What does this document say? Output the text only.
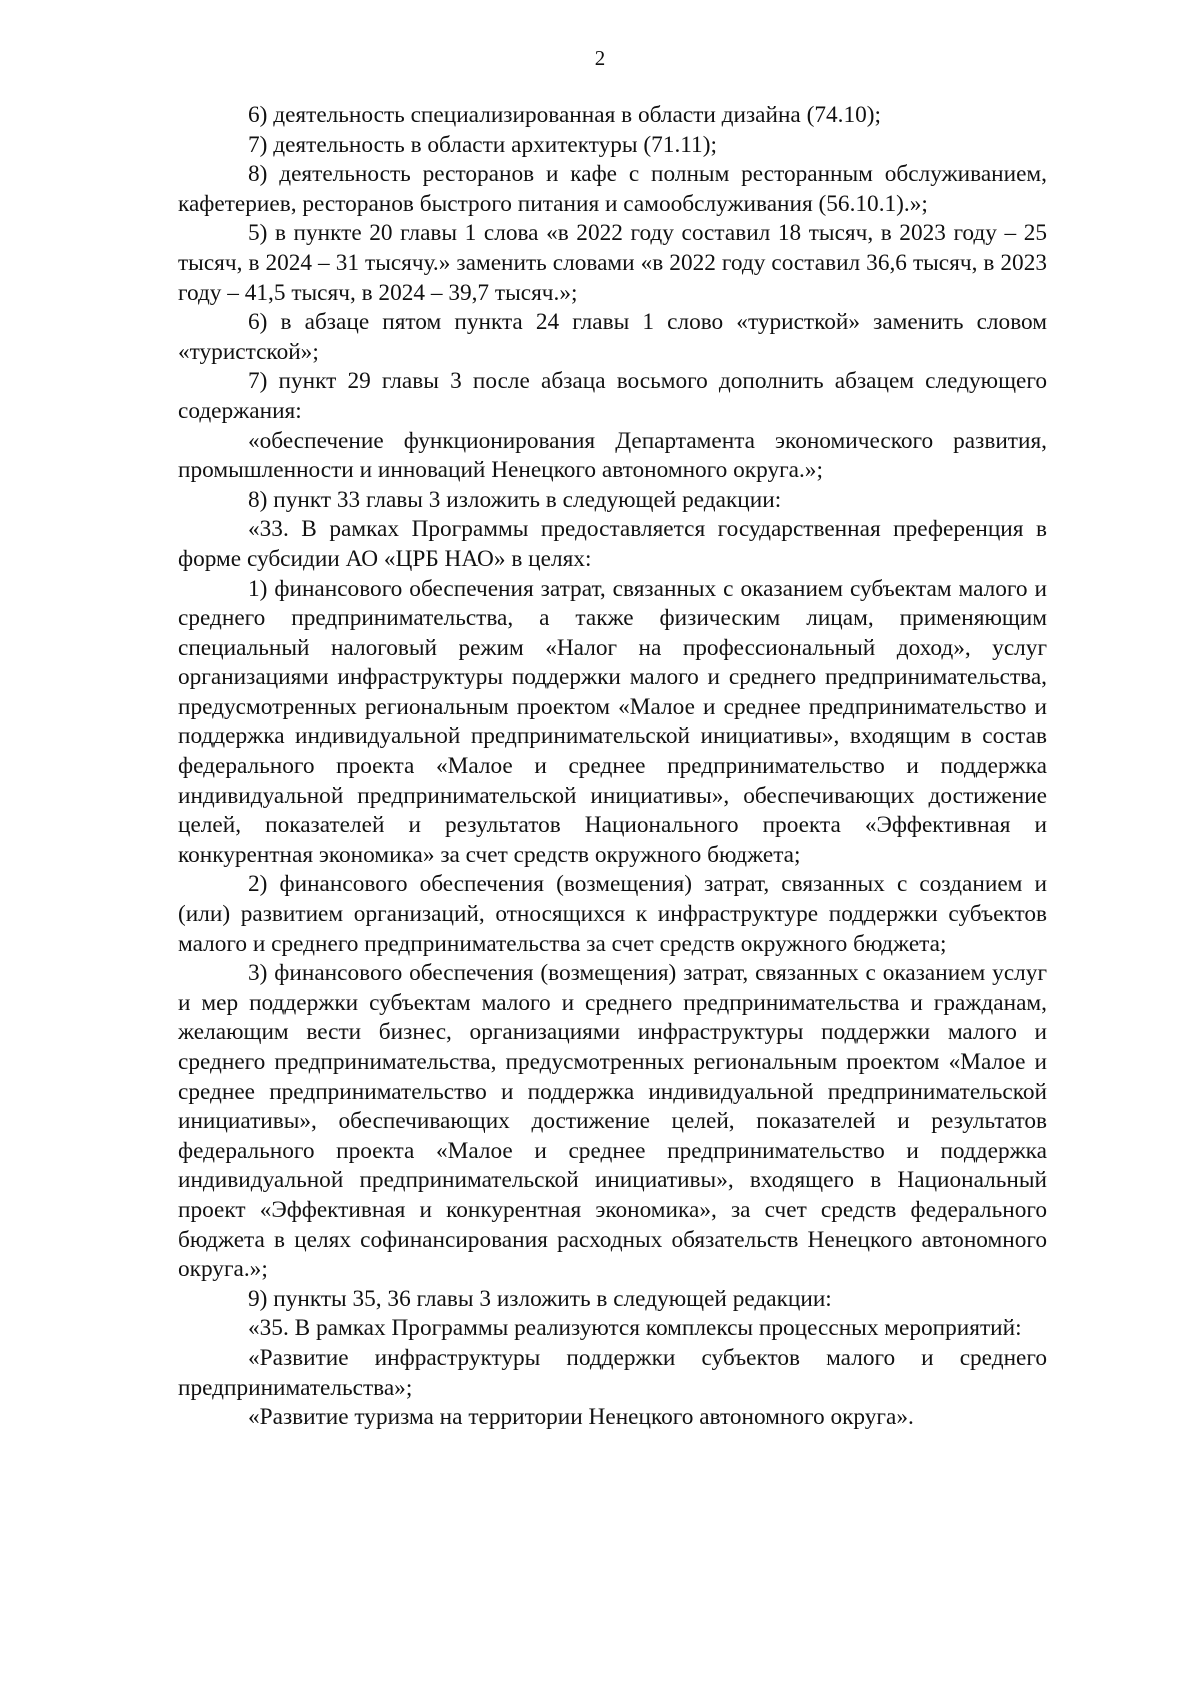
2

6) деятельность специализированная в области дизайна (74.10);

7) деятельность в области архитектуры (71.11);

8) деятельность ресторанов и кафе с полным ресторанным обслуживанием, кафетериев, ресторанов быстрого питания и самообслуживания (56.10.1).»;

5) в пункте 20 главы 1 слова «в 2022 году составил 18 тысяч, в 2023 году – 25 тысяч, в 2024 – 31 тысячу.» заменить словами «в 2022 году составил 36,6 тысяч, в 2023 году – 41,5 тысяч, в 2024 – 39,7 тысяч.»;

6) в абзаце пятом пункта 24 главы 1 слово «туристкой» заменить словом «туристской»;

7) пункт 29 главы 3 после абзаца восьмого дополнить абзацем следующего содержания:

«обеспечение функционирования Департамента экономического развития, промышленности и инноваций Ненецкого автономного округа.»;

8) пункт 33 главы 3 изложить в следующей редакции:

«33. В рамках Программы предоставляется государственная преференция в форме субсидии АО «ЦРБ НАО» в целях:

1) финансового обеспечения затрат, связанных с оказанием субъектам малого и среднего предпринимательства, а также физическим лицам, применяющим специальный налоговый режим «Налог на профессиональный доход», услуг организациями инфраструктуры поддержки малого и среднего предпринимательства, предусмотренных региональным проектом «Малое и среднее предпринимательство и поддержка индивидуальной предпринимательской инициативы», входящим в состав федерального проекта «Малое и среднее предпринимательство и поддержка индивидуальной предпринимательской инициативы», обеспечивающих достижение целей, показателей и результатов Национального проекта «Эффективная и конкурентная экономика» за счет средств окружного бюджета;

2) финансового обеспечения (возмещения) затрат, связанных с созданием и (или) развитием организаций, относящихся к инфраструктуре поддержки субъектов малого и среднего предпринимательства за счет средств окружного бюджета;

3) финансового обеспечения (возмещения) затрат, связанных с оказанием услуг и мер поддержки субъектам малого и среднего предпринимательства и гражданам, желающим вести бизнес, организациями инфраструктуры поддержки малого и среднего предпринимательства, предусмотренных региональным проектом «Малое и среднее предпринимательство и поддержка индивидуальной предпринимательской инициативы», обеспечивающих достижение целей, показателей и результатов федерального проекта «Малое и среднее предпринимательство и поддержка индивидуальной предпринимательской инициативы», входящего в Национальный проект «Эффективная и конкурентная экономика», за счет средств федерального бюджета в целях софинансирования расходных обязательств Ненецкого автономного округа.»;

9) пункты 35, 36 главы 3 изложить в следующей редакции:

«35. В рамках Программы реализуются комплексы процессных мероприятий:

«Развитие инфраструктуры поддержки субъектов малого и среднего предпринимательства»;

«Развитие туризма на территории Ненецкого автономного округа».
